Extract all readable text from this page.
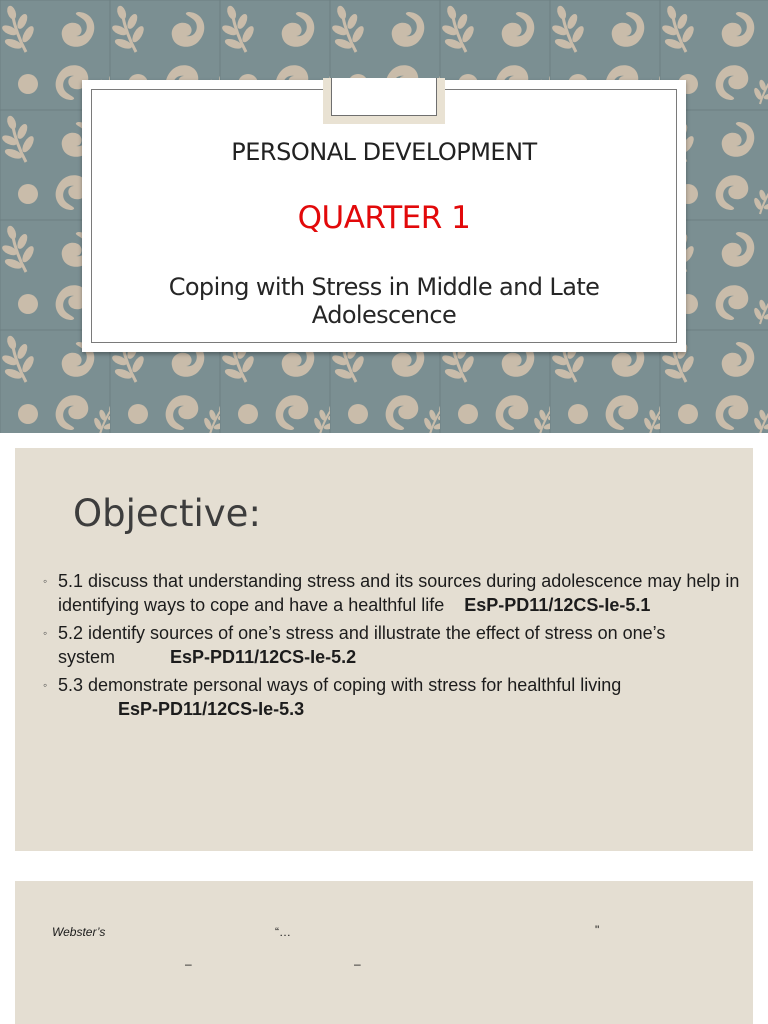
PERSONAL DEVELOPMENT
QUARTER 1
Coping with Stress in Middle and Late
Adolescence
Objective:
◦ 5.1 discuss that understanding stress and its sources during adolescence may help in identifying ways to cope and have a healthful life EsP-PD11/12CS-Ie-5.1
◦ 5.2 identify sources of one’s stress and illustrate the effect of stress on one’s system	EsP-PD11/12CS-Ie-5.2
◦ 5.3 demonstrate personal ways of coping with stress for healthful living
EsP-PD11/12CS-Ie-5.3
Webster’s	“…	"
–	–
